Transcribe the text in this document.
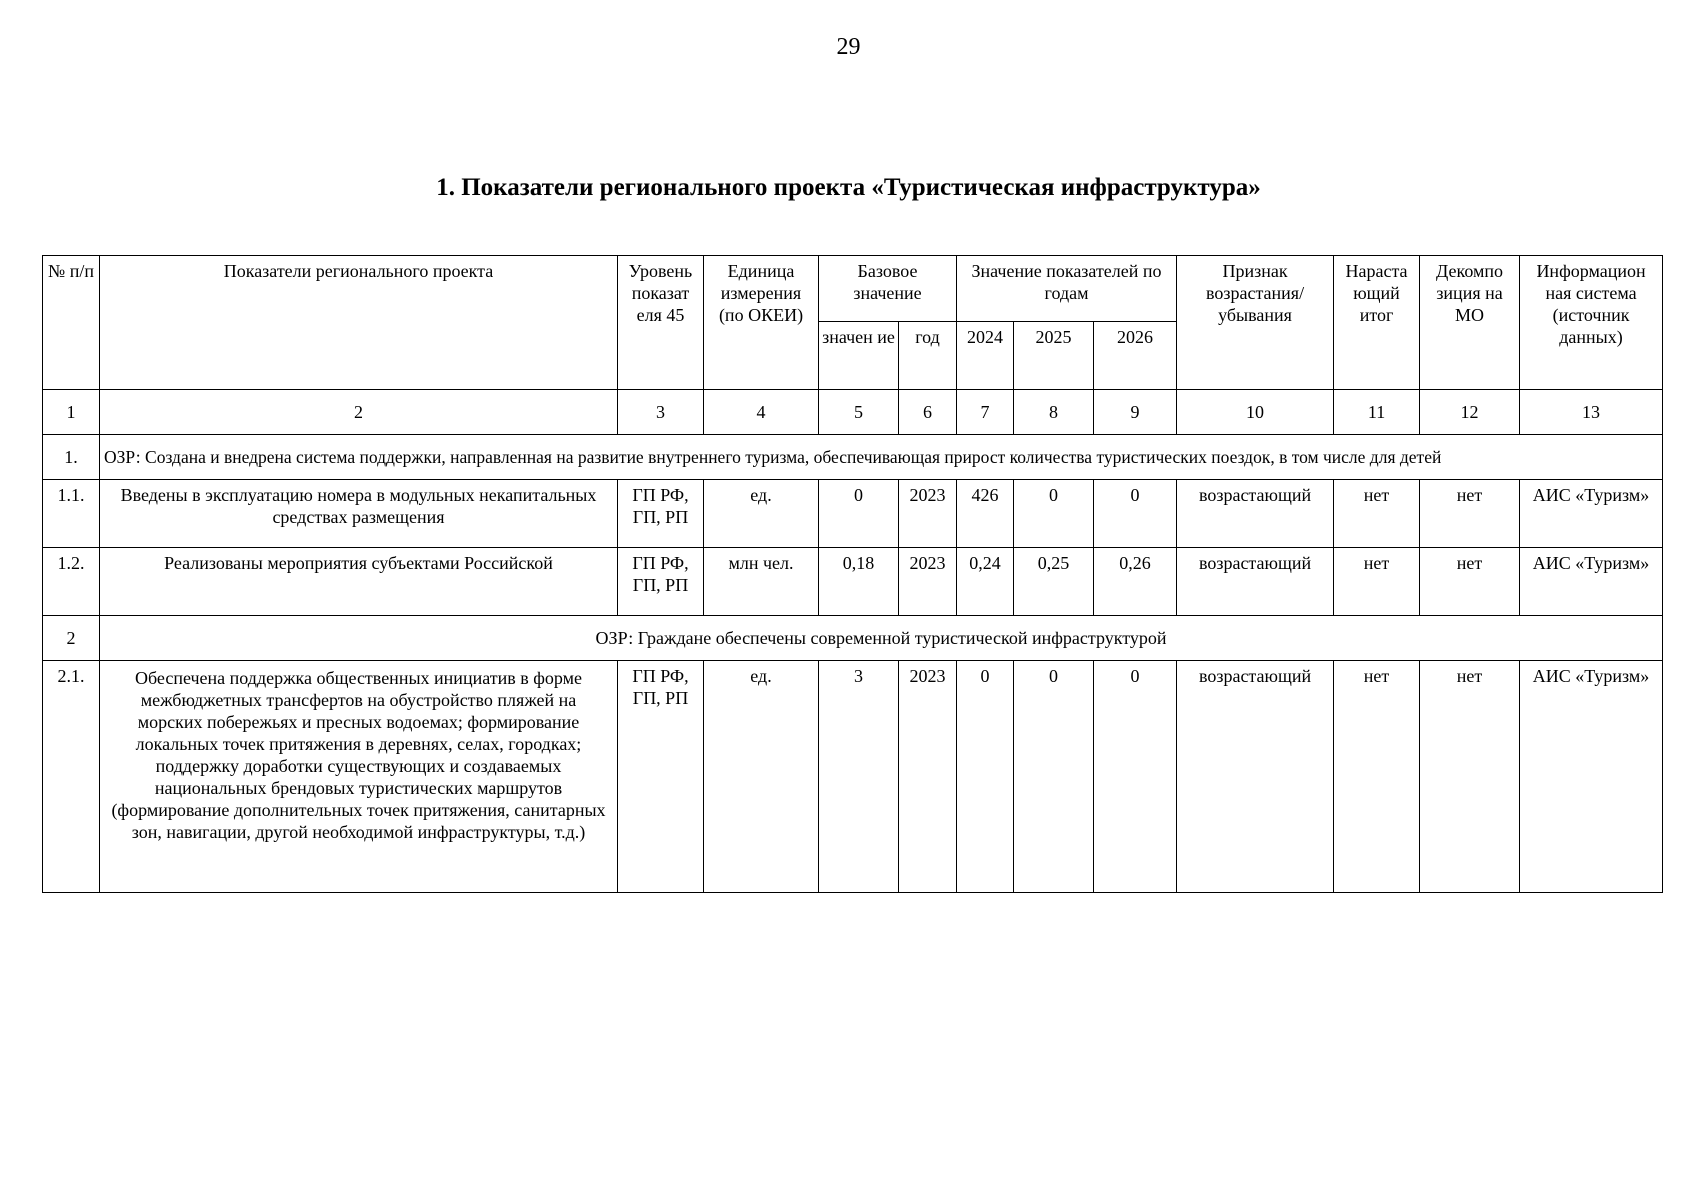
29
1. Показатели регионального проекта «Туристическая инфраструктура»
№ п/п	Показатели регионального проекта	Уровень показат еля 45	Единица измерения (по ОКЕИ)	Базовое значение		Значение показателей по годам			Признак возрастания/ убывания	Нараста ющий итог	Декомпо зиция на МО	Информацион ная система (источник данных)
				значен ие	год	2024	2025	2026				
1	2	3	4	5	6	7	8	9	10	11	12	13
1.	ОЗР: Создана и внедрена система поддержки, направленная на развитие внутреннего туризма, обеспечивающая прирост количества туристических поездок, в том числе для детей											
1.1.	Введены в эксплуатацию номера в модульных некапитальных средствах размещения	ГП РФ, ГП, РП	ед.	0	2023	426	0	0	возрастающий	нет	нет	АИС «Туризм»
1.2.	Реализованы мероприятия субъектами Российской	ГП РФ, ГП, РП	млн чел.	0,18	2023	0,24	0,25	0,26	возрастающий	нет	нет	АИС «Туризм»
2	ОЗР: Граждане обеспечены современной туристической инфраструктурой											
2.1.	Обеспечена поддержка общественных инициатив в форме межбюджетных трансфертов на обустройство пляжей на морских побережьях и пресных водоемах; формирование локальных точек притяжения в деревнях, селах, городках; поддержку доработки существующих и создаваемых национальных брендовых туристических маршрутов (формирование дополнительных точек притяжения, санитарных зон, навигации, другой необходимой инфраструктуры, т.д.)	ГП РФ, ГП, РП	ед.	3	2023	0	0	0	возрастающий	нет	нет	АИС «Туризм»
